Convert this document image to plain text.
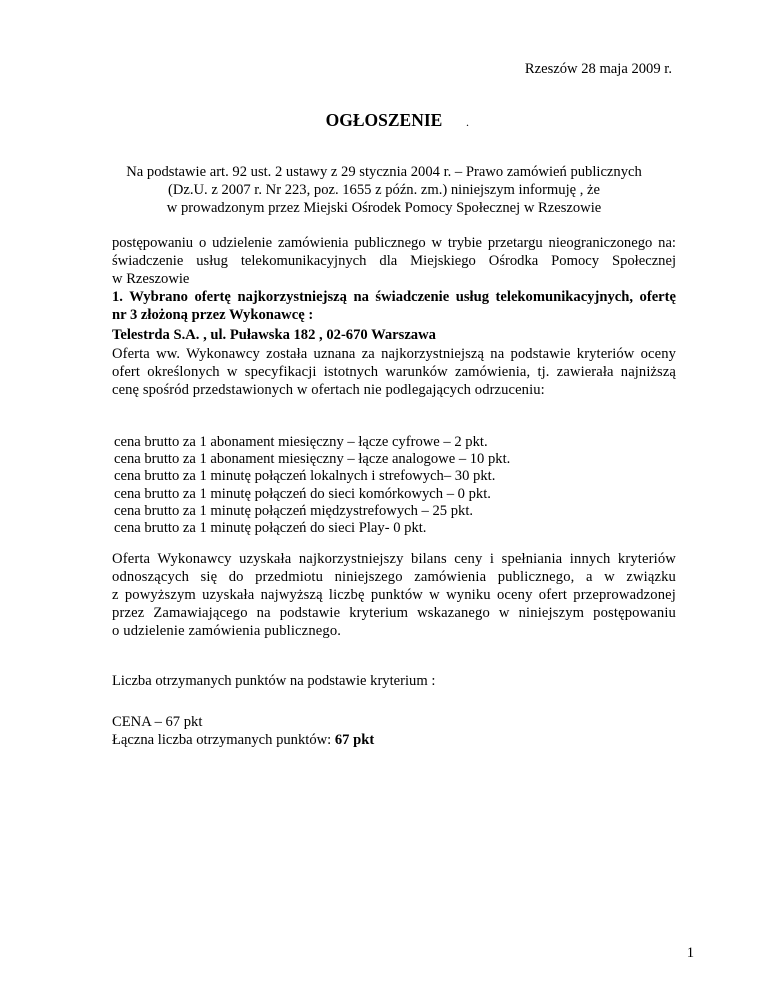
Rzeszów 28 maja 2009 r.
OGŁOSZENIE	.
Na podstawie art. 92 ust. 2 ustawy z 29 stycznia 2004 r. – Prawo zamówień publicznych
(Dz.U. z 2007 r. Nr 223, poz. 1655 z późn. zm.) niniejszym informuję , że
w prowadzonym przez Miejski Ośrodek Pomocy Społecznej w Rzeszowie
postępowaniu o udzielenie zamówienia publicznego w trybie przetargu nieograniczonego na:
świadczenie usług telekomunikacyjnych dla Miejskiego Ośrodka Pomocy Społecznej
w Rzeszowie
1. Wybrano ofertę najkorzystniejszą na świadczenie usług telekomunikacyjnych, ofertę
nr 3 złożoną przez Wykonawcę :
Telestrda S.A. , ul. Puławska 182 , 02-670 Warszawa
Oferta ww. Wykonawcy została uznana za najkorzystniejszą na podstawie kryteriów oceny
ofert określonych w specyfikacji istotnych warunków zamówienia, tj. zawierała najniższą
cenę spośród przedstawionych w ofertach nie podlegających odrzuceniu:
cena brutto za 1 abonament miesięczny – łącze cyfrowe – 2 pkt.
cena brutto za 1 abonament miesięczny – łącze analogowe – 10 pkt.
cena brutto za 1 minutę połączeń lokalnych i strefowych– 30 pkt.
cena brutto za 1 minutę połączeń do sieci komórkowych – 0 pkt.
cena brutto za 1 minutę połączeń międzystrefowych – 25 pkt.
cena brutto za 1 minutę połączeń do sieci Play- 0 pkt.
Oferta Wykonawcy uzyskała najkorzystniejszy bilans ceny i spełniania innych kryteriów
odnoszących się do przedmiotu niniejszego zamówienia publicznego, a w związku
z powyższym uzyskała najwyższą liczbę punktów w wyniku oceny ofert przeprowadzonej
przez Zamawiającego na podstawie kryterium wskazanego w niniejszym postępowaniu
o udzielenie zamówienia publicznego.
Liczba otrzymanych punktów na podstawie kryterium :
CENA – 67 pkt
Łączna liczba otrzymanych punktów: 67 pkt
1
